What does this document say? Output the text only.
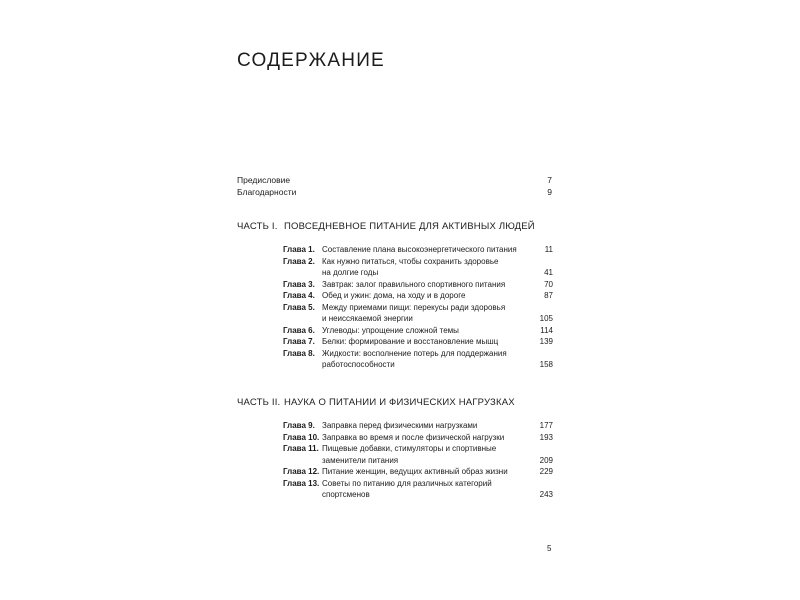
СОДЕРЖАНИЕ
Предисловие	7
Благодарности	9
ЧАСТЬ I. ПОВСЕДНЕВНОЕ ПИТАНИЕ ДЛЯ АКТИВНЫХ ЛЮДЕЙ
Глава 1. Составление плана высокоэнергетического питания	11
Глава 2. Как нужно питаться, чтобы сохранить здоровье
на долгие годы	41
Глава 3. Завтрак: залог правильного спортивного питания	70
Глава 4. Обед и ужин: дома, на ходу и в дороге	87
Глава 5. Между приемами пищи: перекусы ради здоровья
и неиссякаемой энергии	105
Глава 6. Углеводы: упрощение сложной темы	114
Глава 7. Белки: формирование и восстановление мышц	139
Глава 8. Жидкости: восполнение потерь для поддержания
работоспособности	158
ЧАСТЬ II. НАУКА О ПИТАНИИ И ФИЗИЧЕСКИХ НАГРУЗКАХ
Глава 9. Заправка перед физическими нагрузками	177
Глава 10. Заправка во время и после физической нагрузки	193
Глава 11. Пищевые добавки, стимуляторы и спортивные
заменители питания	209
Глава 12. Питание женщин, ведущих активный образ жизни	229
Глава 13. Советы по питанию для различных категорий
спортсменов	243
5
